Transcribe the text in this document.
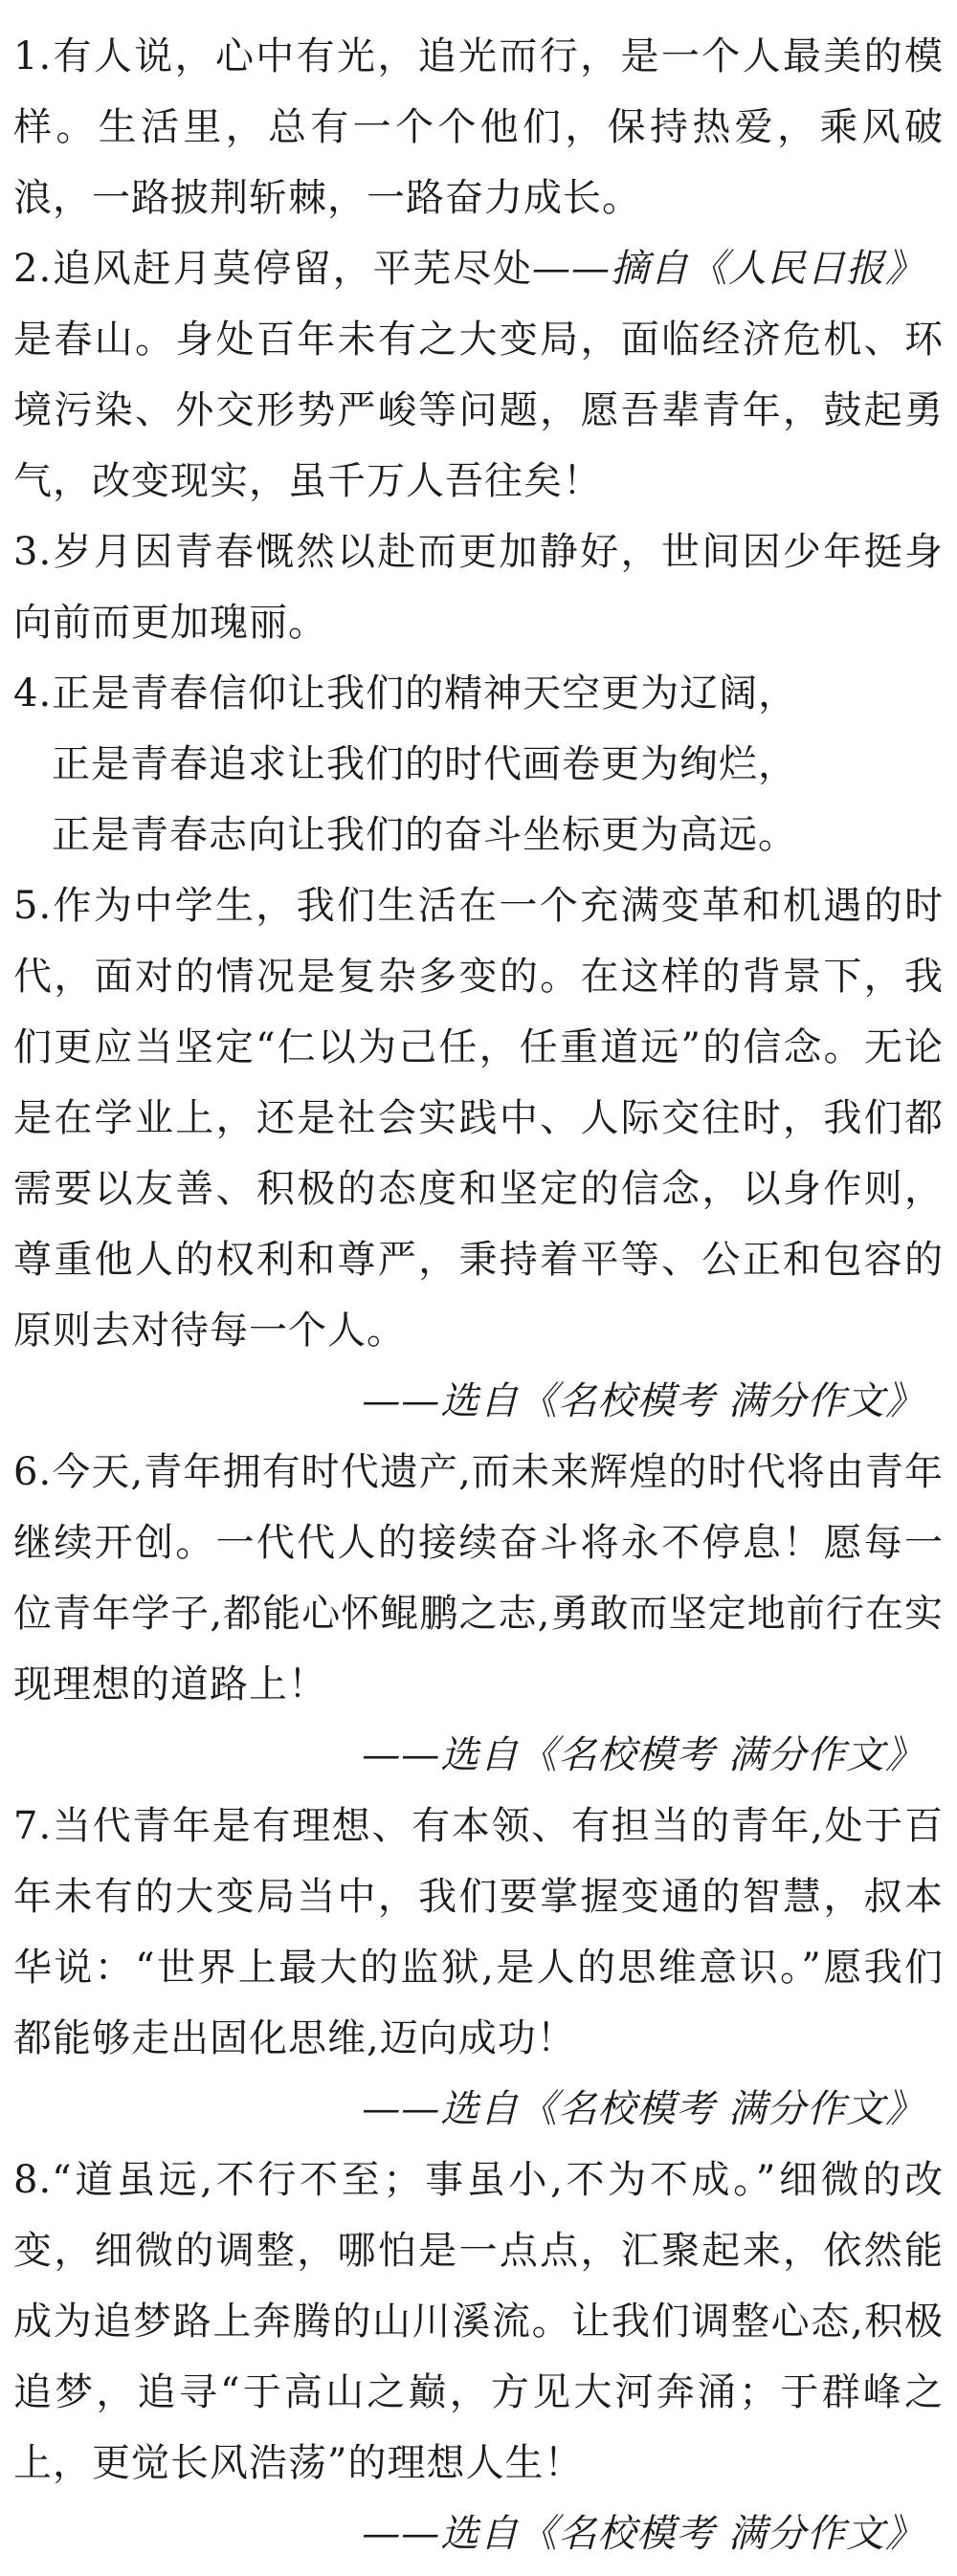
1.有人说，心中有光，追光而行，是一个人最美的模样。生活里，总有一个个他们，保持热爱，乘风破浪，一路披荆斩棘，一路奋力成长。
——摘自《人民日报》

2.追风赶月莫停留，平芜尽处是春山。身处百年未有之大变局，面临经济危机、环境污染、外交形势严峻等问题，愿吾辈青年，鼓起勇气，改变现实，虽千万人吾往矣！

3.岁月因青春慨然以赴而更加静好，世间因少年挺身向前而更加瑰丽。

4.正是青春信仰让我们的精神天空更为辽阔，

正是青春追求让我们的时代画卷更为绚烂，

正是青春志向让我们的奋斗坐标更为高远。

5.作为中学生，我们生活在一个充满变革和机遇的时代，面对的情况是复杂多变的。在这样的背景下，我们更应当坚定“仁以为己任，任重道远”的信念。无论是在学业上，还是社会实践中、人际交往时，我们都需要以友善、积极的态度和坚定的信念，以身作则，尊重他人的权利和尊严，秉持着平等、公正和包容的原则去对待每一个人。

——选自《名校模考 满分作文》

6.今天,青年拥有时代遗产,而未来辉煌的时代将由青年继续开创。一代代人的接续奋斗将永不停息！愿每一位青年学子,都能心怀鲲鹏之志,勇敢而坚定地前行在实现理想的道路上！

——选自《名校模考 满分作文》

7.当代青年是有理想、有本领、有担当的青年,处于百年未有的大变局当中，我们要掌握变通的智慧，叔本华说：“世界上最大的监狱,是人的思维意识。”愿我们都能够走出固化思维,迈向成功！

——选自《名校模考 满分作文》

8.“道虽远,不行不至；事虽小,不为不成。”细微的改变，细微的调整，哪怕是一点点，汇聚起来，依然能成为追梦路上奔腾的山川溪流。让我们调整心态,积极追梦，追寻“于高山之巅，方见大河奔涌；于群峰之上，更觉长风浩荡”的理想人生！

——选自《名校模考 满分作文》
